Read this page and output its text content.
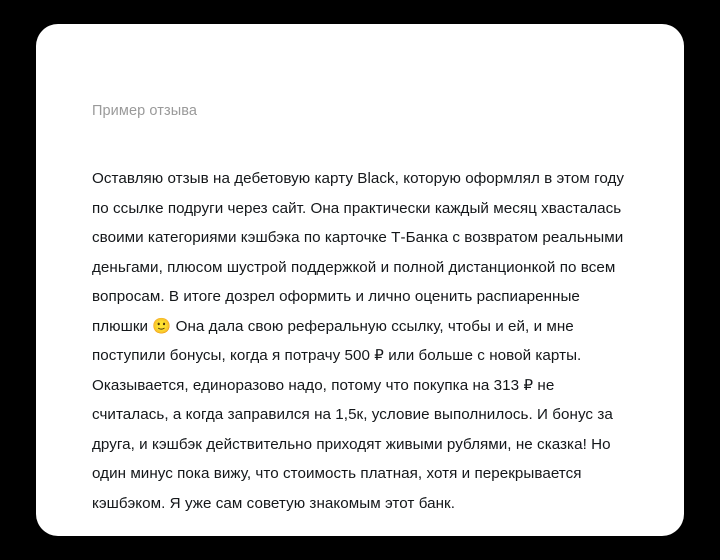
Пример отзыва
Оставляю отзыв на дебетовую карту Black, которую оформлял в этом году по ссылке подруги через сайт. Она практически каждый месяц хвасталась своими категориями кэшбэка по карточке Т-Банка с возвратом реальными деньгами, плюсом шустрой поддержкой и полной дистанционкой по всем вопросам. В итоге дозрел оформить и лично оценить распиаренные плюшки 🙂 Она дала свою реферальную ссылку, чтобы и ей, и мне поступили бонусы, когда я потрачу 500 ₽ или больше с новой карты. Оказывается, единоразово надо, потому что покупка на 313 ₽ не считалась, а когда заправился на 1,5к, условие выполнилось. И бонус за друга, и кэшбэк действительно приходят живыми рублями, не сказка! Но один минус пока вижу, что стоимость платная, хотя и перекрывается кэшбэком. Я уже сам советую знакомым этот банк.
